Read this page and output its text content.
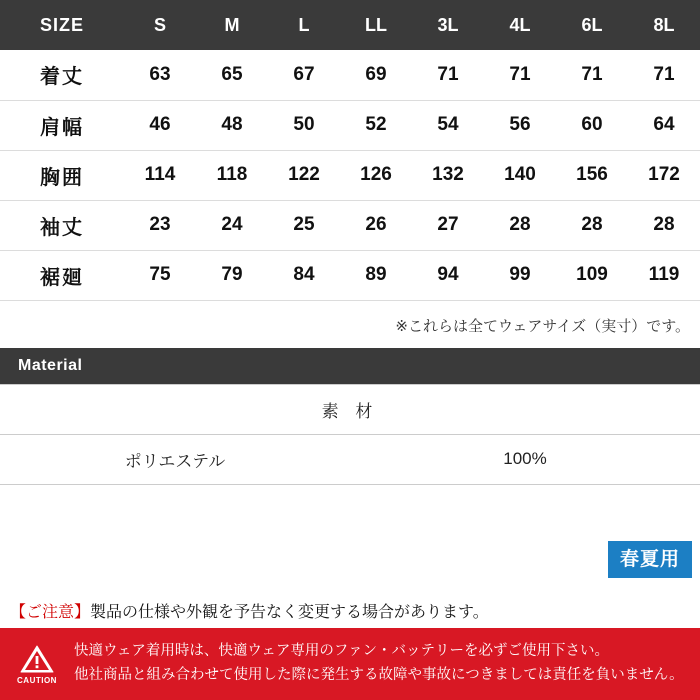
SIZE	S	M	L	LL	3L	4L	6L	8L
着丈	63	65	67	69	71	71	71	71
肩幅	46	48	50	52	54	56	60	64
胸囲	114	118	122	126	132	140	156	172
袖丈	23	24	25	26	27	28	28	28
裾廻	75	79	84	89	94	99	109	119
※これらは全てウェアサイズ（実寸）です。
Material
素 材
ポリエステル	100%
春夏用
【ご注意】製品の仕様や外観を予告なく変更する場合があります。
CAUTION
快適ウェア着用時は、快適ウェア専用のファン・バッテリーを必ずご使用下さい。
他社商品と組み合わせて使用した際に発生する故障や事故につきましては責任を負いません。
